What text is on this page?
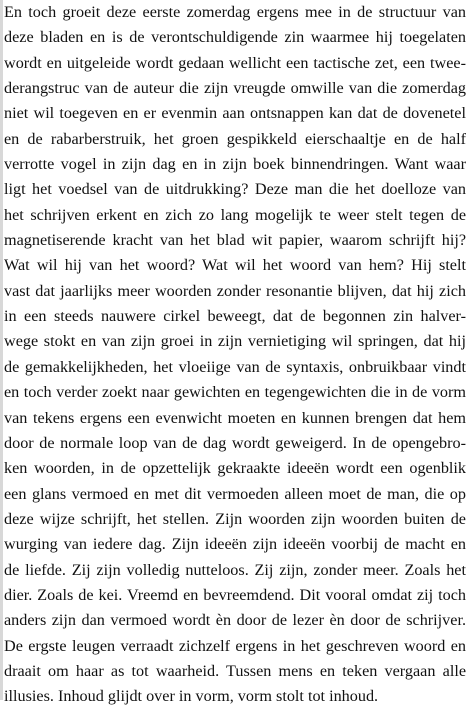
En toch groeit deze eerste zomerdag ergens mee in de structuur van
deze bladen en is de verontschuldigende zin waarmee hij toegelaten
wordt en uitgeleide wordt gedaan wellicht een tactische zet, een twee-
derangstruc van de auteur die zijn vreugde omwille van die zomerdag
niet wil toegeven en er evenmin aan ontsnappen kan dat de dovenetel
en de rabarberstruik, het groen gespikkeld eierschaaltje en de half
verrotte vogel in zijn dag en in zijn boek binnendringen. Want waar
ligt het voedsel van de uitdrukking? Deze man die het doelloze van
het schrijven erkent en zich zo lang mogelijk te weer stelt tegen de
magnetiserende kracht van het blad wit papier, waarom schrijft hij?
Wat wil hij van het woord? Wat wil het woord van hem? Hij stelt
vast dat jaarlijks meer woorden zonder resonantie blijven, dat hij zich
in een steeds nauwere cirkel beweegt, dat de begonnen zin halver-
wege stokt en van zijn groei in zijn vernietiging wil springen, dat hij
de gemakkelijkheden, het vloeiige van de syntaxis, onbruikbaar vindt
en toch verder zoekt naar gewichten en tegengewichten die in de vorm
van tekens ergens een evenwicht moeten en kunnen brengen dat hem
door de normale loop van de dag wordt geweigerd. In de opengebro-
ken woorden, in de opzettelijk gekraakte ideeën wordt een ogenblik
een glans vermoed en met dit vermoeden alleen moet de man, die op
deze wijze schrijft, het stellen. Zijn woorden zijn woorden buiten de
wurging van iedere dag. Zijn ideeën zijn ideeën voorbij de macht en
de liefde. Zij zijn volledig nutteloos. Zij zijn, zonder meer. Zoals het
dier. Zoals de kei. Vreemd en bevreemdend. Dit vooral omdat zij toch
anders zijn dan vermoed wordt èn door de lezer èn door de schrijver.
De ergste leugen verraadt zichzelf ergens in het geschreven woord en
draait om haar as tot waarheid. Tussen mens en teken vergaan alle
illusies. Inhoud glijdt over in vorm, vorm stolt tot inhoud.
